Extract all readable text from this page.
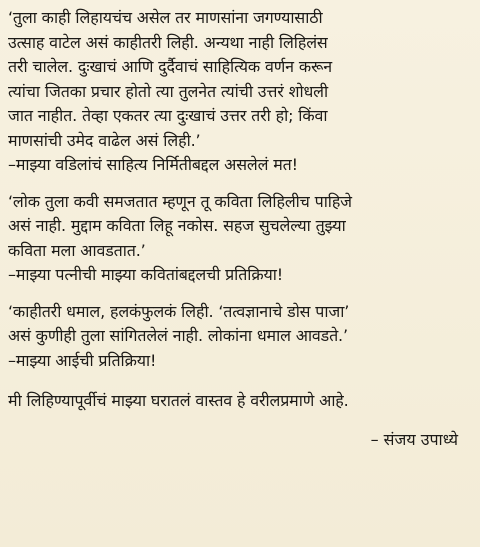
‘तुला काही लिहायचंच असेल तर माणसांना जगण्यासाठी
उत्साह वाटेल असं काहीतरी लिही. अन्यथा नाही लिहिलंस
तरी चालेल. दुःखाचं आणि दुर्दैवाचं साहित्यिक वर्णन करून
त्यांचा जितका प्रचार होतो त्या तुलनेत त्यांची उत्तरं शोधली
जात नाहीत. तेव्हा एकतर त्या दुःखाचं उत्तर तरी हो; किंवा
माणसांची उमेद वाढेल असं लिही.’
–माझ्या वडिलांचं साहित्य निर्मितीबद्दल असलेलं मत!
‘लोक तुला कवी समजतात म्हणून तू कविता लिहिलीच पाहिजे
असं नाही. मुद्दाम कविता लिहू नकोस. सहज सुचलेल्या तुझ्या
कविता मला आवडतात.’
–माझ्या पत्नीची माझ्या कवितांबद्दलची प्रतिक्रिया!
‘काहीतरी धमाल, हलकंफुलकं लिही. ‘तत्वज्ञानाचे डोस पाजा’
असं कुणीही तुला सांगितलेलं नाही. लोकांना धमाल आवडते.’
–माझ्या आईची प्रतिक्रिया!
मी लिहिण्यापूर्वीचं माझ्या घरातलं वास्तव हे वरीलप्रमाणे आहे.
– संजय उपाध्ये
